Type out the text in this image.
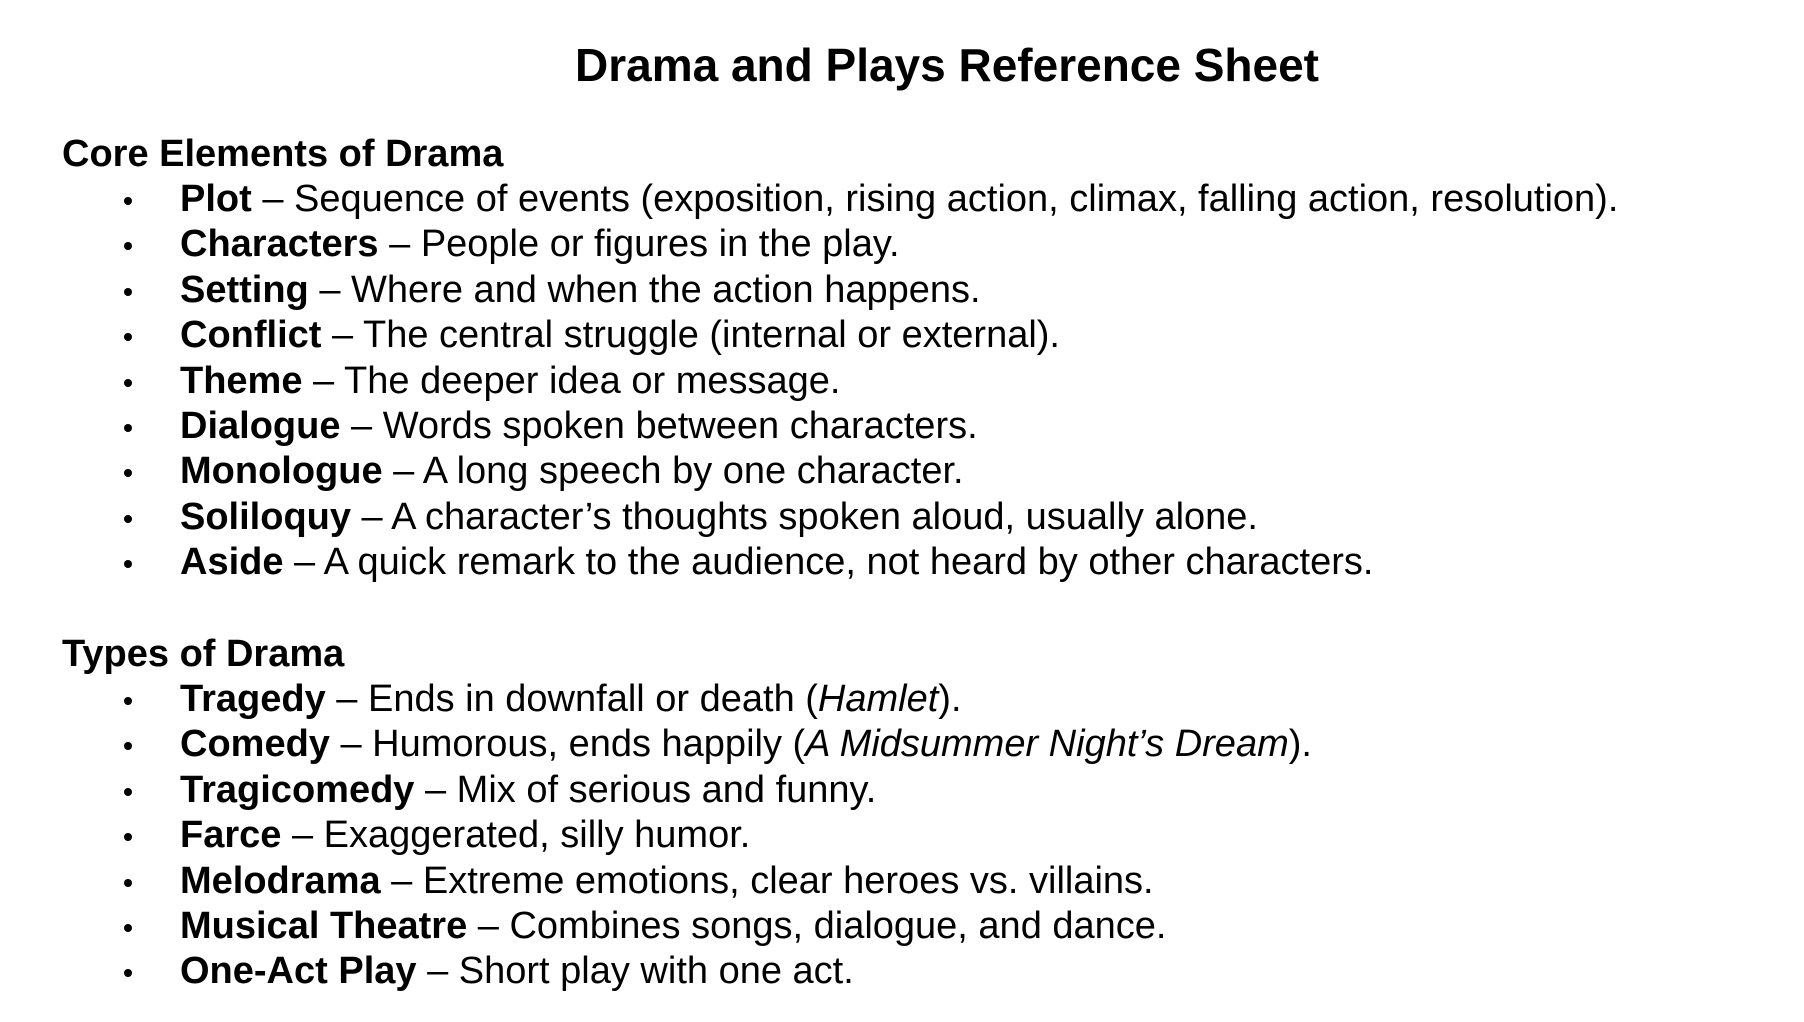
Drama and Plays Reference Sheet
Core Elements of Drama
Plot – Sequence of events (exposition, rising action, climax, falling action, resolution).
Characters – People or figures in the play.
Setting – Where and when the action happens.
Conflict – The central struggle (internal or external).
Theme – The deeper idea or message.
Dialogue – Words spoken between characters.
Monologue – A long speech by one character.
Soliloquy – A character’s thoughts spoken aloud, usually alone.
Aside – A quick remark to the audience, not heard by other characters.
Types of Drama
Tragedy – Ends in downfall or death (Hamlet).
Comedy – Humorous, ends happily (A Midsummer Night’s Dream).
Tragicomedy – Mix of serious and funny.
Farce – Exaggerated, silly humor.
Melodrama – Extreme emotions, clear heroes vs. villains.
Musical Theatre – Combines songs, dialogue, and dance.
One-Act Play – Short play with one act.
